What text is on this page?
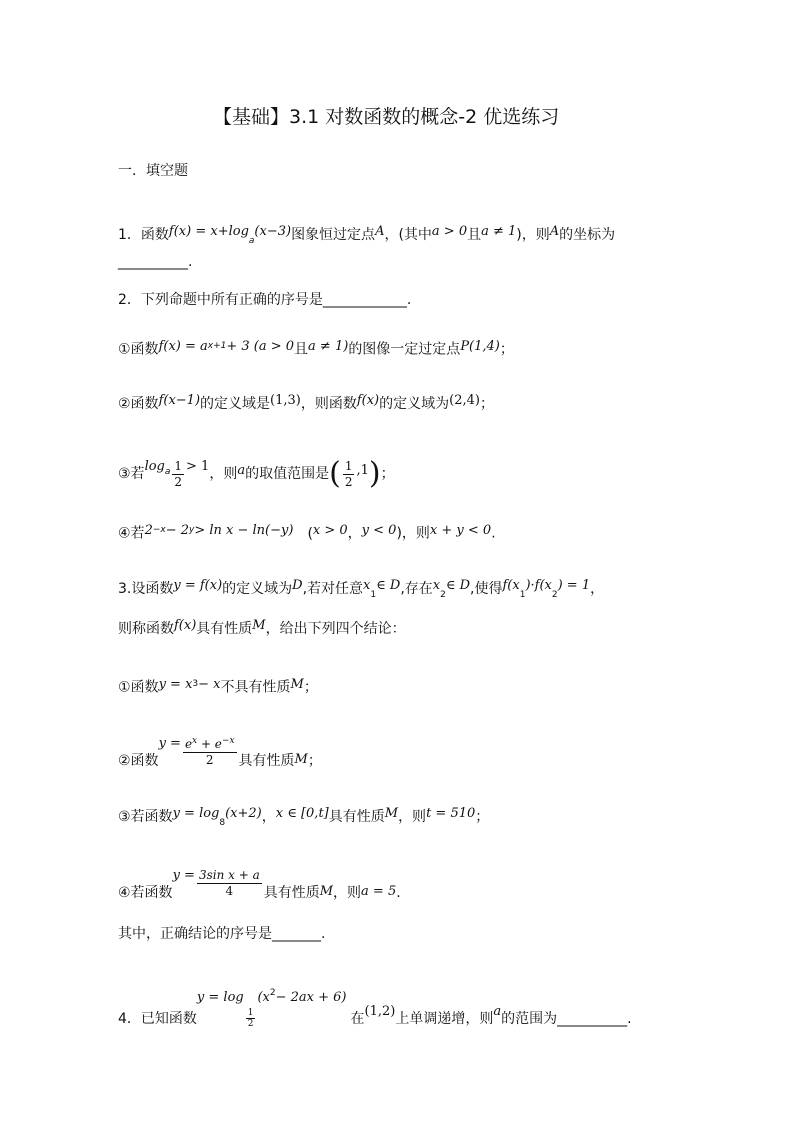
【基础】3.1 对数函数的概念-2 优选练习
一．填空题
1．函数$f(x) = x+\log_a(x-3)$图象恒过定点A，(其中a > 0且a ≠ 1)，则A的坐标为
__________.
2．下列命题中所有正确的序号是____________.
①函数$f(x) = a^{x+1}+ 3$ (a > 0且a ≠ 1)的图像一定过定点P(1,4)；
②函数f(x−1)的定义域是(1,3)，则函数f(x)的定义域为(2,4)；
③若$\log_a \frac{1}{2} > 1$，则a的取值范围是( $\frac{1}{2} ,1$)；
④若$2^{-x}- 2^y> \ln x - \ln(-y) (x > 0$，y < 0)，则x + y < 0.
3.设函数y = f(x)的定义域为D,若对任意$x_1\in$ D,存在$x_2\in$ D,使得$f(x_1)\cdot f(x_2) = 1$，
则称函数f(x)具有性质M，给出下列四个结论：
①函数$y = x^3- x$不具有性质M；
②函数$y = \frac{e^x + e^{-x}}{2}$ 具有性质M；
③若函数$y = \log_8(x+2)$，x ∈ [0,t]具有性质M，则t = 510；
④若函数$y = \frac{\text{3sin x + a}}{4}$ 具有性质M，则a = 5.
其中，正确结论的序号是_______.
4．已知函数y = log
$\frac{1}{2}$
$(x^2- 2ax + 6)$在(1,2)上单调递增，则a的范围为__________.
